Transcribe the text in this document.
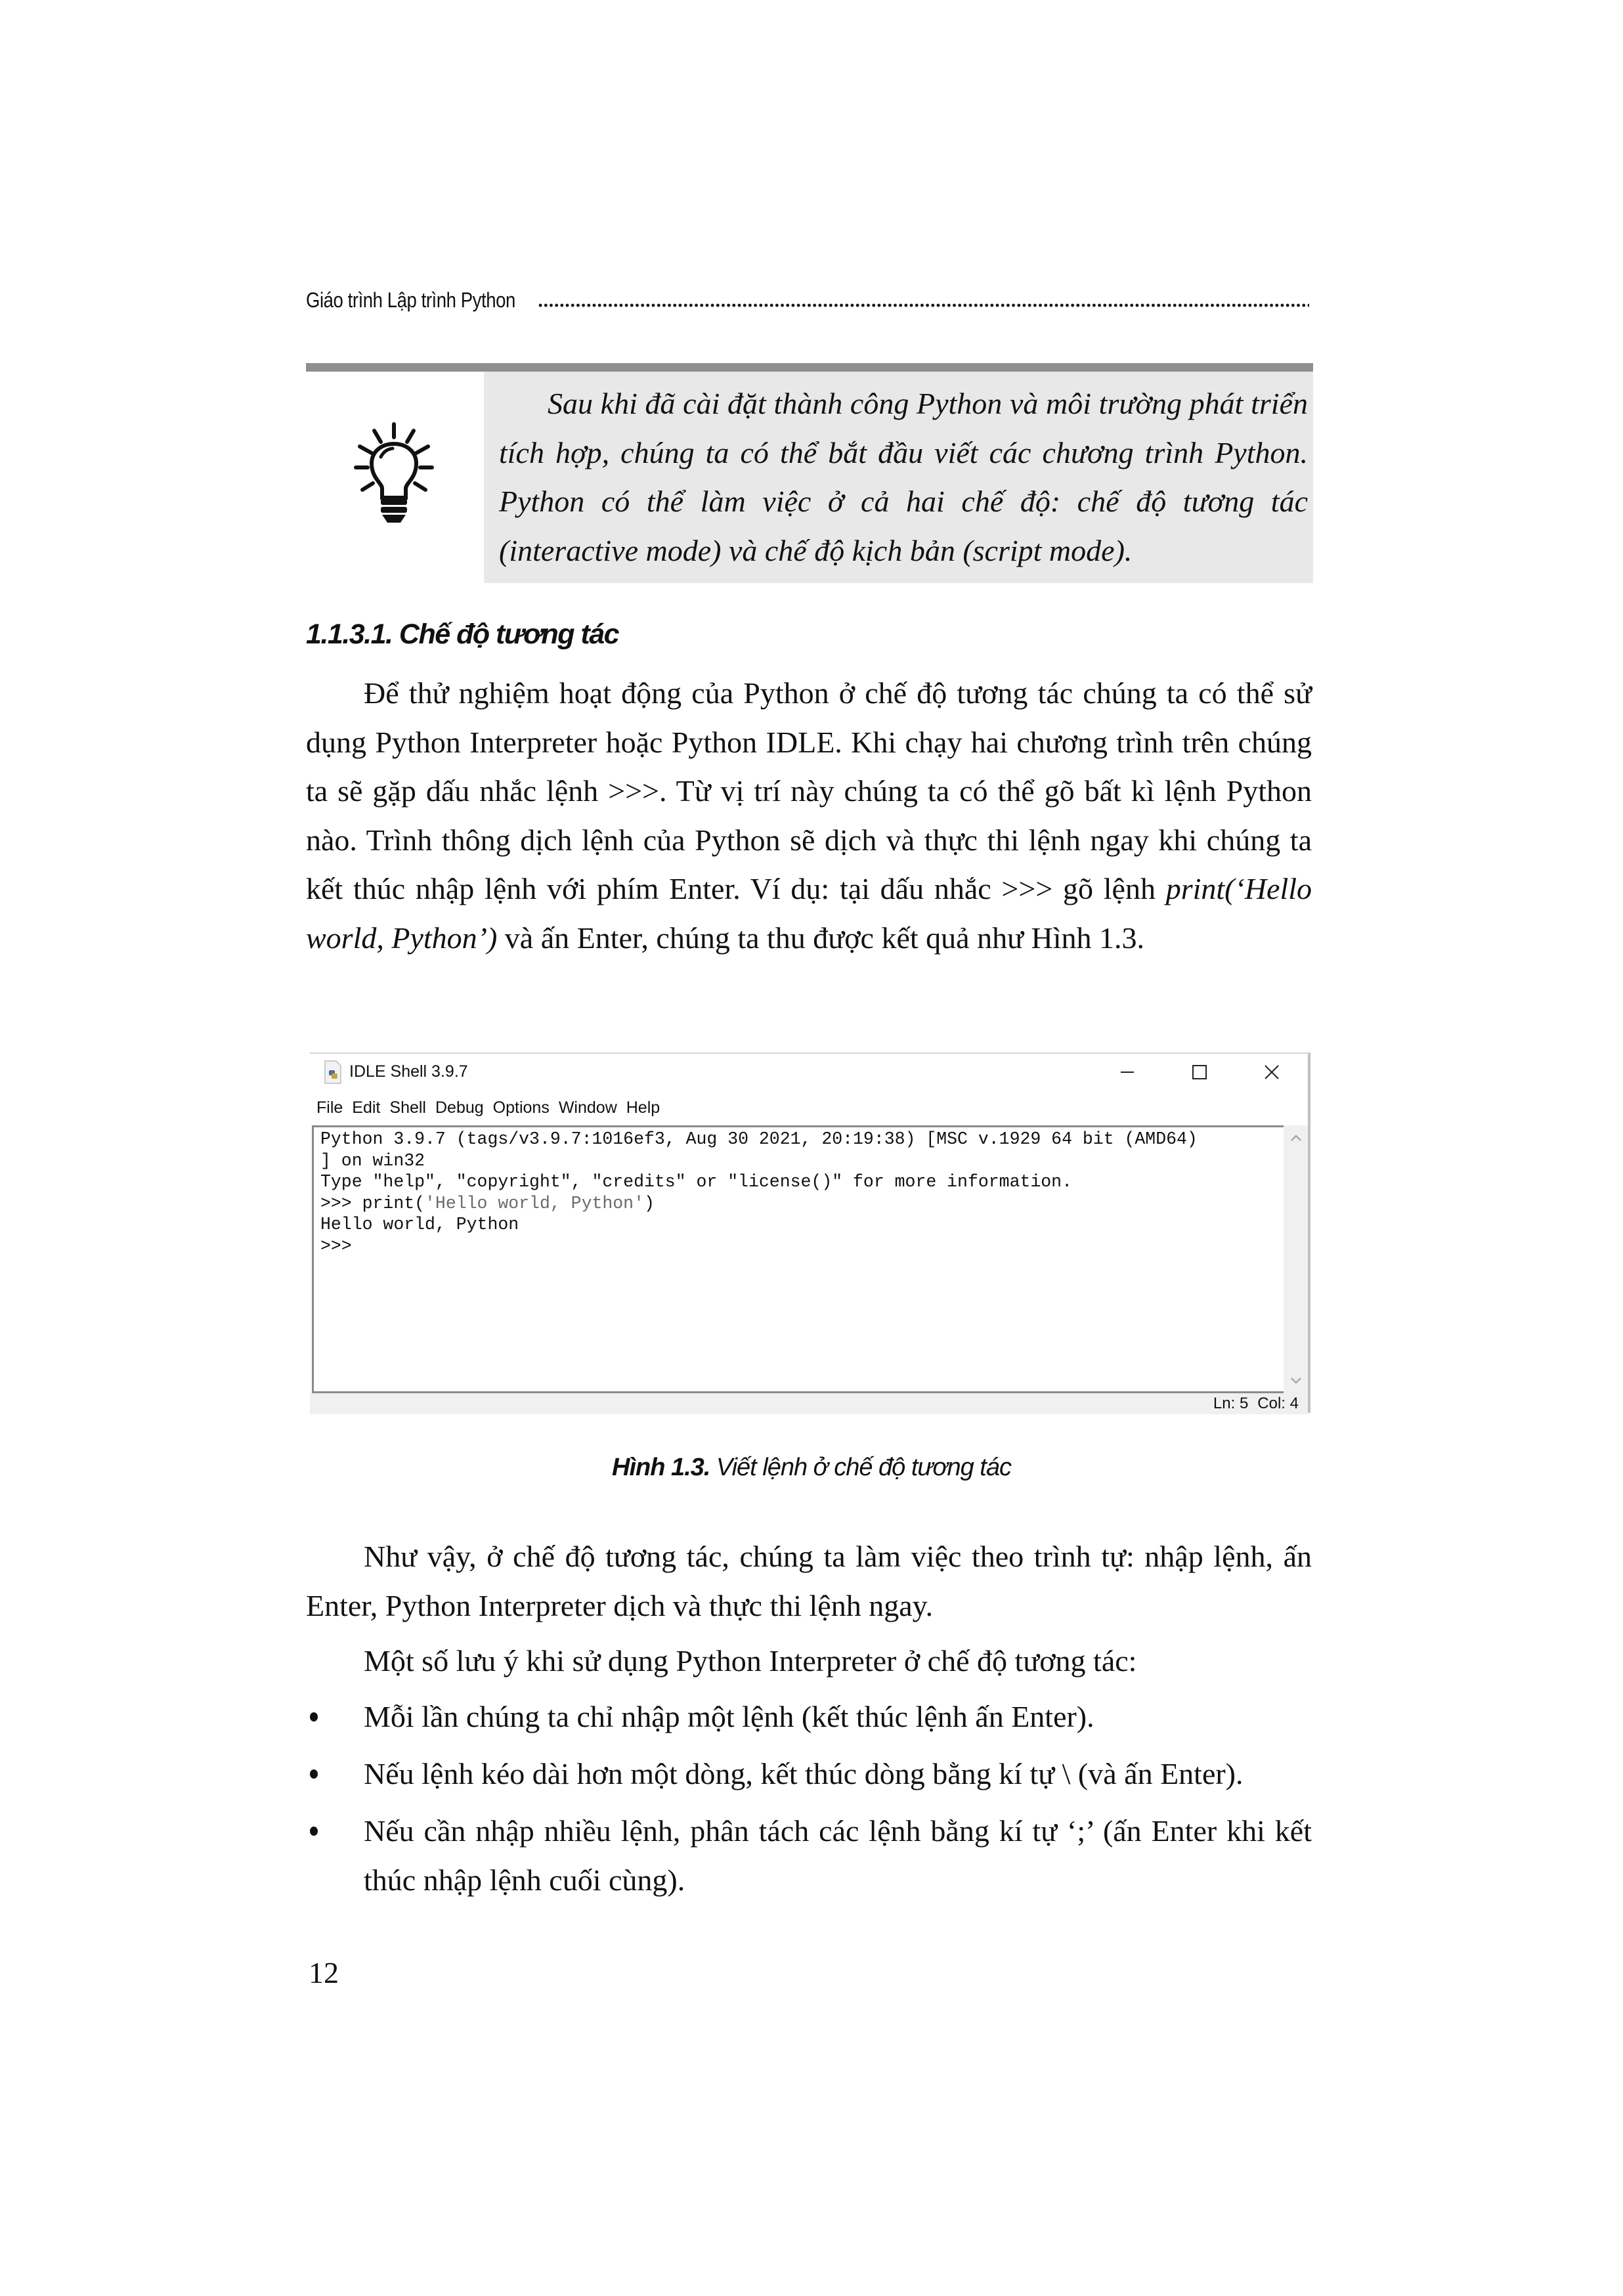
Giáo trình Lập trình Python
Sau khi đã cài đặt thành công Python và môi trường phát triển tích hợp, chúng ta có thể bắt đầu viết các chương trình Python. Python có thể làm việc ở cả hai chế độ: chế độ tương tác (interactive mode) và chế độ kịch bản (script mode).
1.1.3.1. Chế độ tương tác
Để thử nghiệm hoạt động của Python ở chế độ tương tác chúng ta có thể sử dụng Python Interpreter hoặc Python IDLE. Khi chạy hai chương trình trên chúng ta sẽ gặp dấu nhắc lệnh >>>. Từ vị trí này chúng ta có thể gõ bất kì lệnh Python nào. Trình thông dịch lệnh của Python sẽ dịch và thực thi lệnh ngay khi chúng ta kết thúc nhập lệnh với phím Enter. Ví dụ: tại dấu nhắc >>> gõ lệnh print(‘Hello world, Python’) và ấn Enter, chúng ta thu được kết quả như Hình 1.3.
IDLE Shell 3.9.7
File Edit Shell Debug Options Window Help
Python 3.9.7 (tags/v3.9.7:1016ef3, Aug 30 2021, 20:19:38) [MSC v.1929 64 bit (AMD64)
] on win32
Type "help", "copyright", "credits" or "license()" for more information.
>>> print('Hello world, Python')
Hello world, Python
>>>
Ln: 5 Col: 4
Hình 1.3. Viết lệnh ở chế độ tương tác
Như vậy, ở chế độ tương tác, chúng ta làm việc theo trình tự: nhập lệnh, ấn Enter, Python Interpreter dịch và thực thi lệnh ngay.
Một số lưu ý khi sử dụng Python Interpreter ở chế độ tương tác:
Mỗi lần chúng ta chỉ nhập một lệnh (kết thúc lệnh ấn Enter).
Nếu lệnh kéo dài hơn một dòng, kết thúc dòng bằng kí tự \ (và ấn Enter).
Nếu cần nhập nhiều lệnh, phân tách các lệnh bằng kí tự ‘;’ (ấn Enter khi kết thúc nhập lệnh cuối cùng).
12
